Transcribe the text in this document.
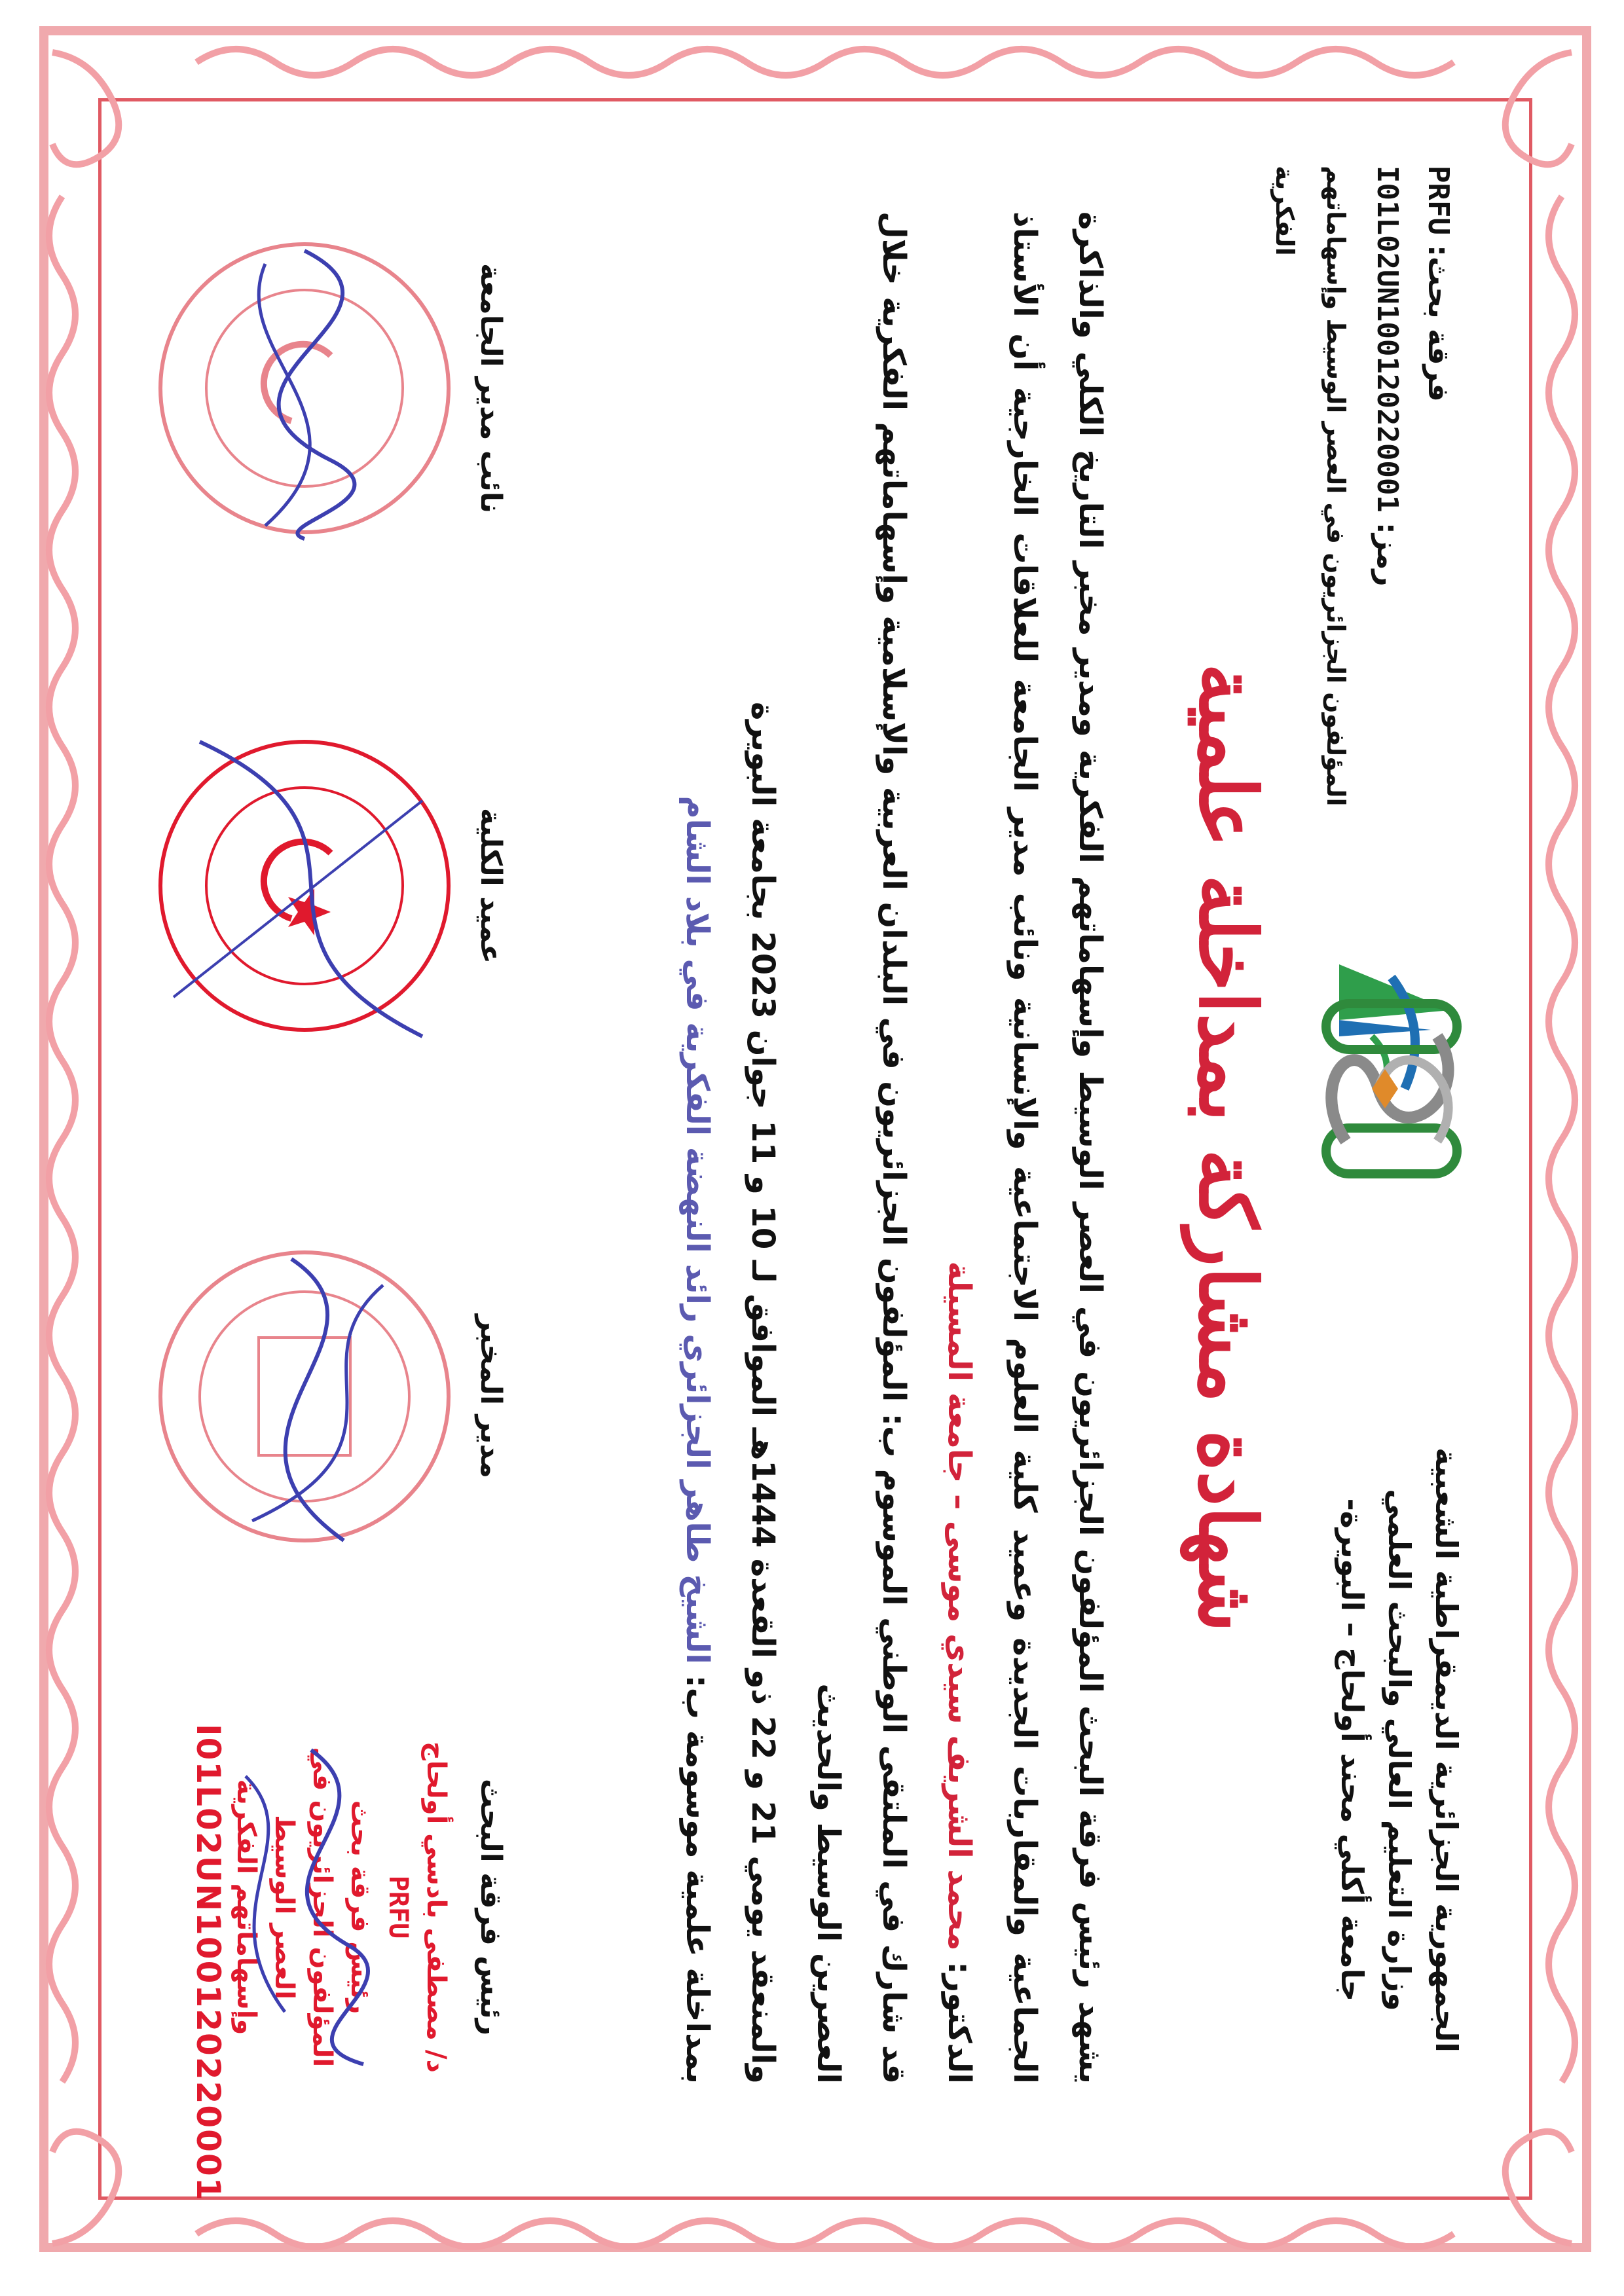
الجمهورية الجزائرية الديمقراطية الشعبية
وزارة التعليم العالي والبحث العلمي
جامعة أكلي محند أولحاج – البويرة-
فرقة بحث: PRFU
رمز: I01L02UN100120220001
المؤلفون الجزائريون في العصر الوسيط وإسهاماتهم الفكرية
شهادة مشاركة بمداخلة علمية
يشهد رئيس فرقة البحث المؤلفون الجزائريون في العصر الوسيط وإسهاماتهم الفكرية ومدير مخبر التاريخ الكلي والذاكرة الجماعية والمقاربات الجديدة وعميد كلية العلوم الاجتماعية والإنسانية ونائب مدير الجامعة للعلاقات الخارجية أن الأستاذ الدكتور: محمد الشريف سيدي موسى – جامعة المسيلة
قد شارك في الملتقى الوطني الموسوم ب: المؤلفون الجزائريون في البلدان العربية والإسلامية وإسهاماتهم الفكرية خلال العصرين الوسيط والحديث
والمنعقد يومي 21 و 22 ذو القعدة 1444هـ الموافق لـ 10 و 11 جوان 2023 بجامعة البويرة
بمداخلة علمية موسومة ب: الشيخ طاهر الجزائري رائد النهضة الفكرية في بلاد الشام
رئيس فرقة البحث
د/ مصطفى بادسي أولحاج
PRFU
رئيس فرقة بحث
المؤلفون الجزائريون في العصر الوسيط
وإسهاماتهم الفكرية
I01L02UN100120220001
مدير المخبر
عميد الكلية
نائب مدير الجامعة
